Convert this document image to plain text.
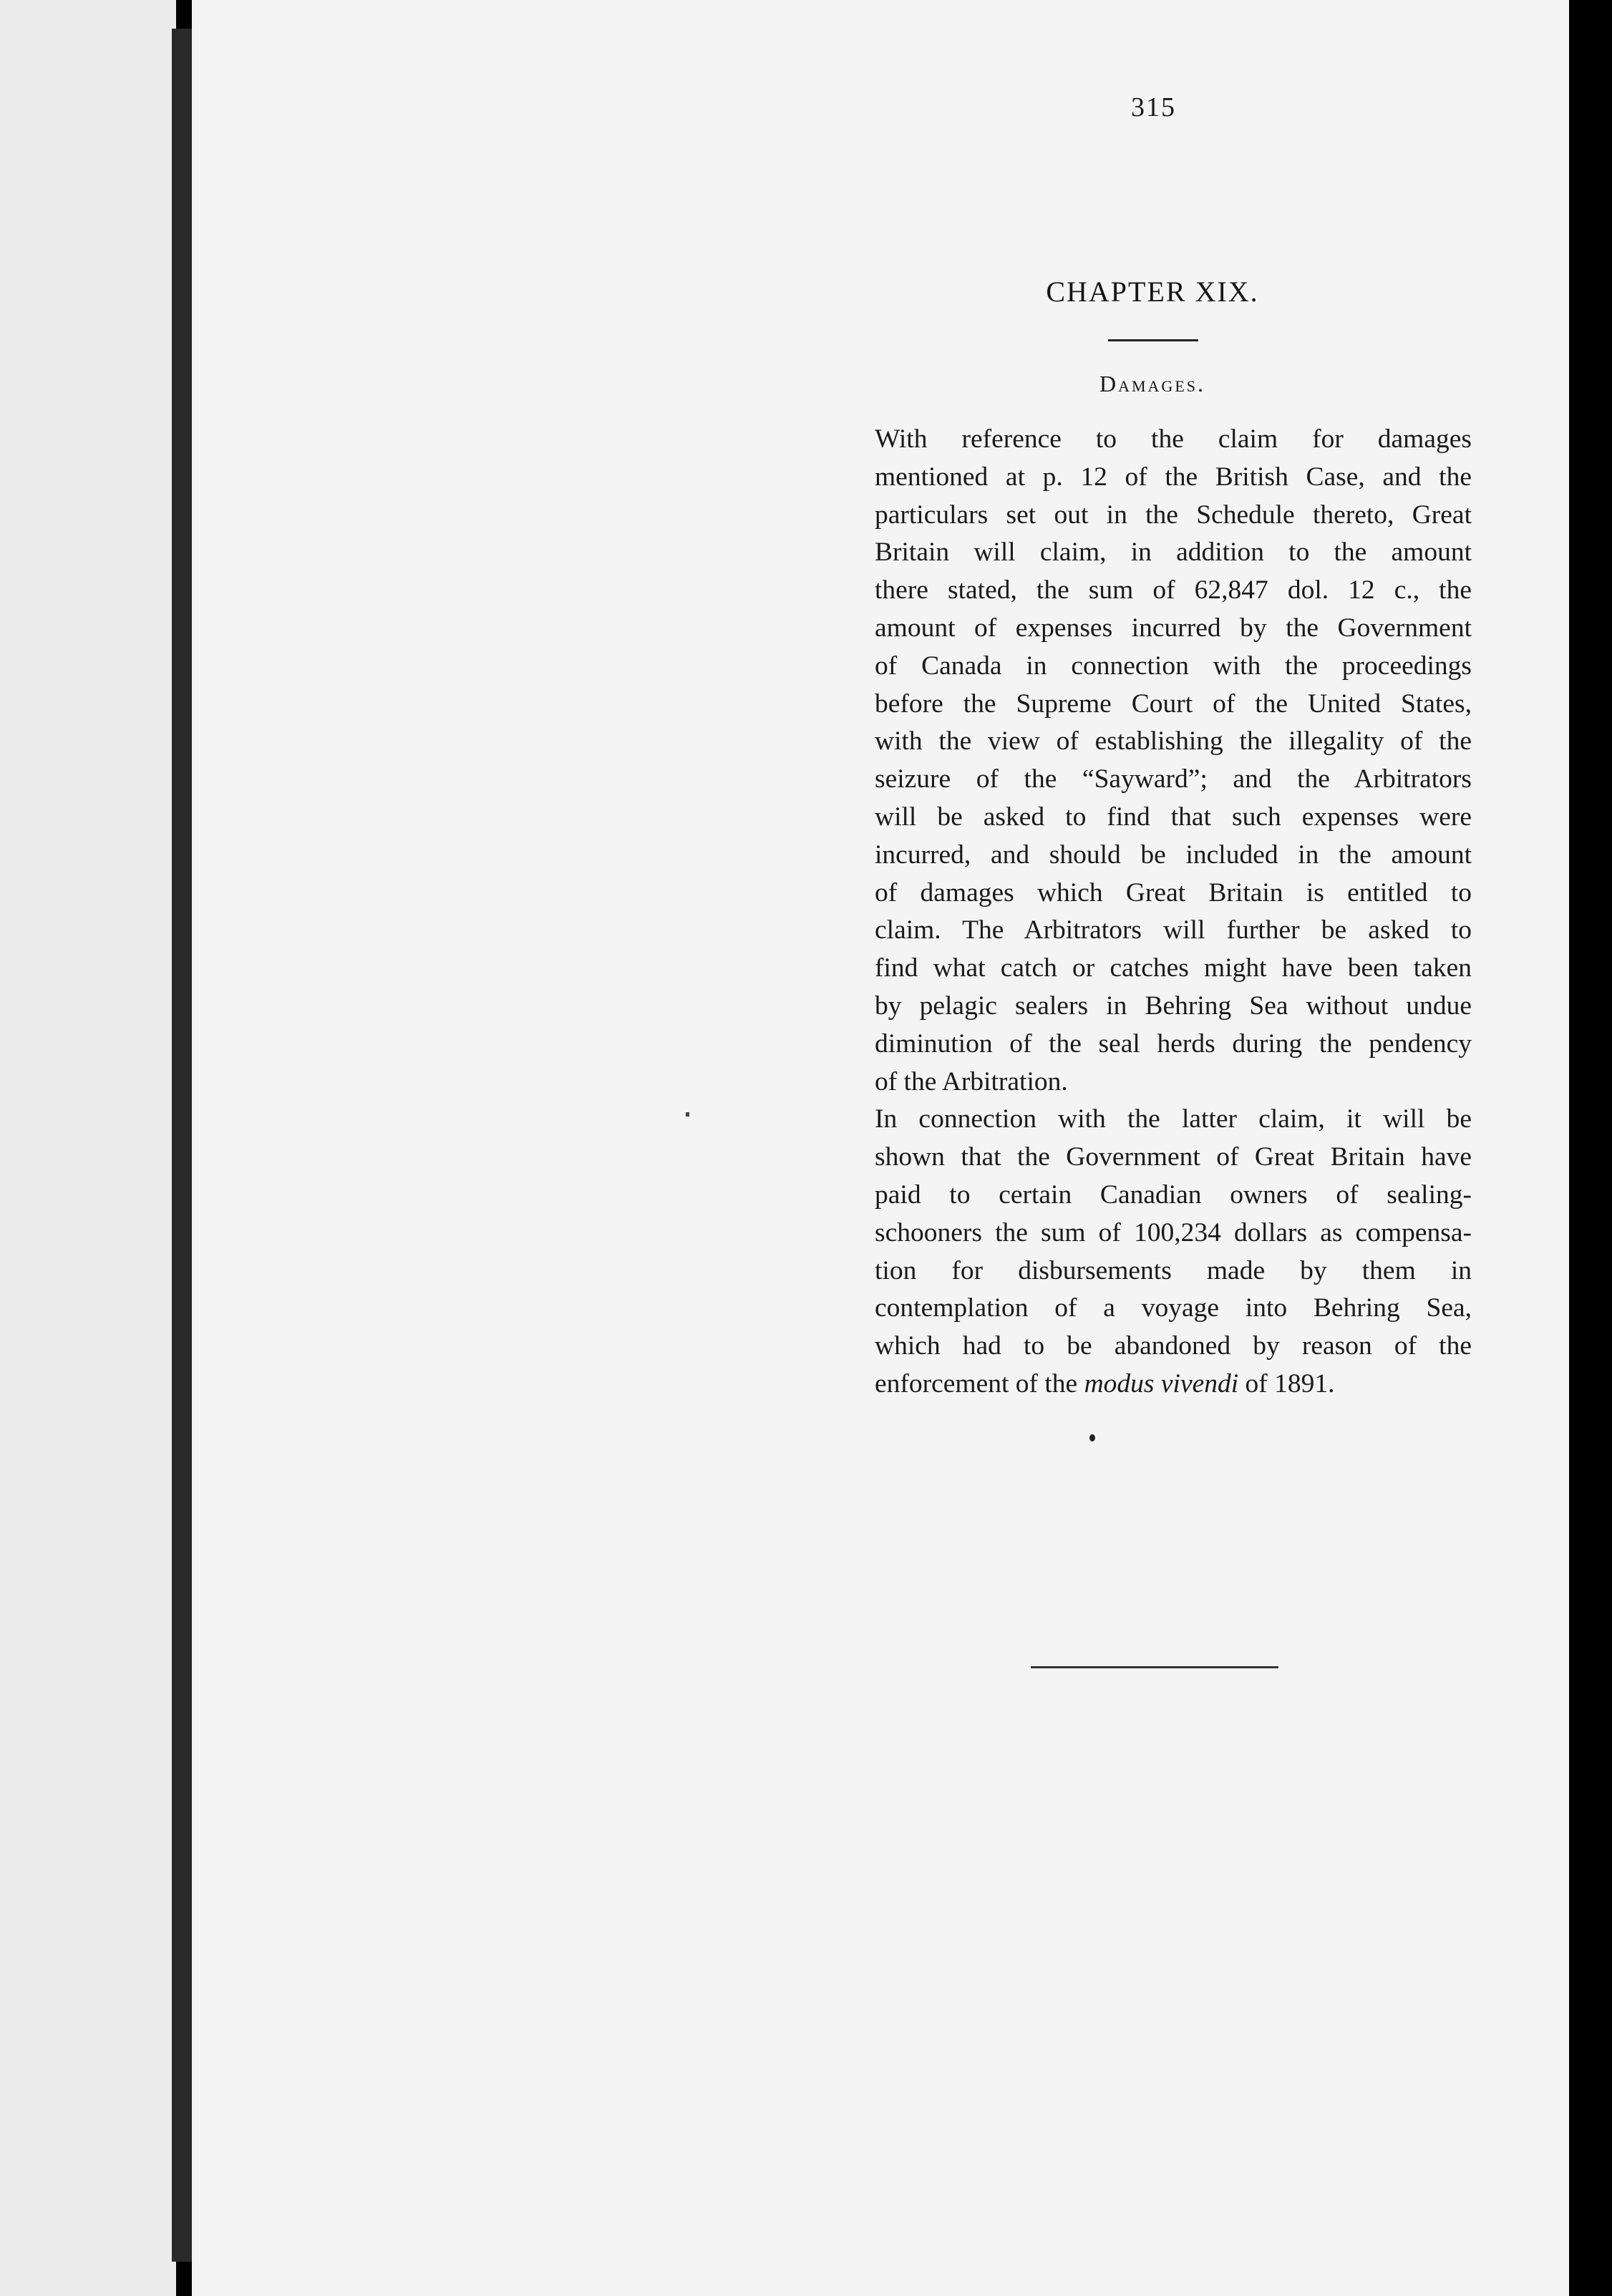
315
CHAPTER XIX.
Damages.

With reference to the claim for damages
mentioned at p. 12 of the British Case, and the
particulars set out in the Schedule thereto, Great
Britain will claim, in addition to the amount
there stated, the sum of 62,847 dol. 12 c., the
amount of expenses incurred by the Government
of Canada in connection with the proceedings
before the Supreme Court of the United States,
with the view of establishing the illegality of the
seizure of the “Sayward”; and the Arbitrators
will be asked to find that such expenses were
incurred, and should be included in the amount
of damages which Great Britain is entitled to
claim. The Arbitrators will further be asked to
find what catch or catches might have been taken
by pelagic sealers in Behring Sea without undue
diminution of the seal herds during the pendency
of the Arbitration.

In connection with the latter claim, it will be
shown that the Government of Great Britain have
paid to certain Canadian owners of sealing-
schooners the sum of 100,234 dollars as compensa-
tion for disbursements made by them in
contemplation of a voyage into Behring Sea,
which had to be abandoned by reason of the
enforcement of the modus vivendi of 1891.
